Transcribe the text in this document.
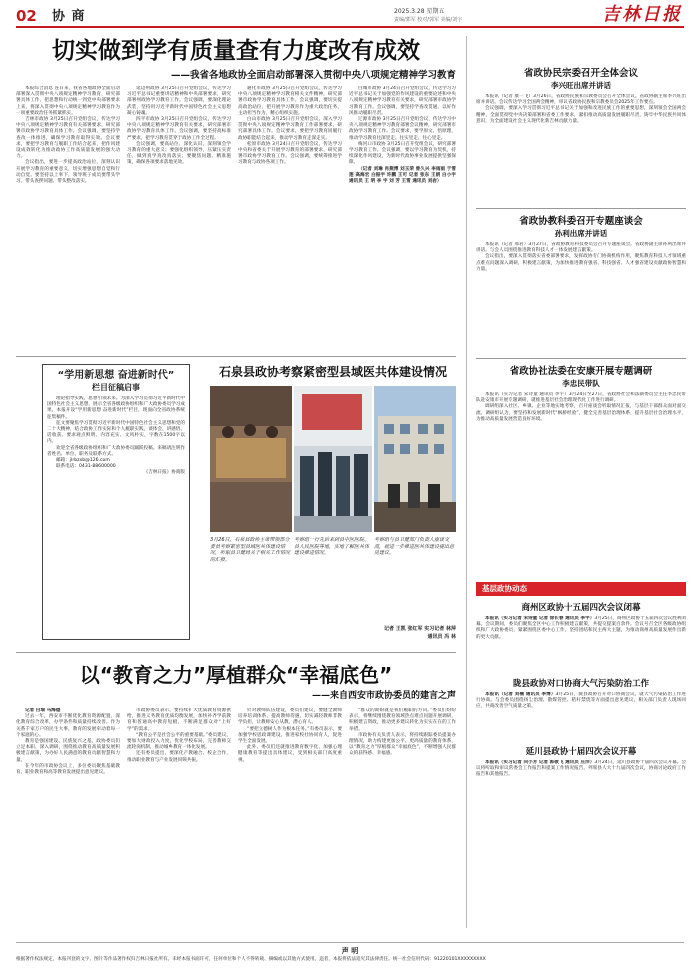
02 协 商	2025.3.28 星期五
责编/郭军 校对/郭军 美编/刘宇	吉林日报
切实做到学有质量查有力度改有成效
——我省各地政协全面启动部署深入贯彻中央八项规定精神学习教育

本报综合消息 连日来，我省各地政协全面启动部署深入贯彻中央八项规定精神学习教育，研究部署具体工作，把思想和行动统一到党中央部署要求上来，将深入贯彻中央八项规定精神学习教育作为一项重要政治任务抓紧抓实。

吉林市政协 3月25日召开党组会议，传达学习中央八项规定精神学习教育有关部署要求，研究部署市政协学习教育具体工作。会议强调，要坚持学查改一体推进，确保学习教育取得实效。会议要求，要把学习教育与履职工作结合起来，把作风建设成效转化为推动政协工作高质量发展的强大动力。

会议指出，要进一步提高政治站位，深刻认识开展学习教育的重要意义，切实增强思想自觉和行动自觉。要坚持以上率下，领导班子成员要带头学习、带头查摆问题、带头整改落实。

延边州政协 3月25日召开党组会议，传达学习习近平总书记重要讲话精神和中央部署要求，研究部署州政协学习教育工作。会议强调，要深化理论武装，坚持用习近平新时代中国特色社会主义思想凝心铸魂。

四平市政协 3月25日召开党组会议，传达学习中央八项规定精神学习教育有关要求，研究部署市政协学习教育具体工作。会议强调，要坚持高标准严要求，把学习教育贯穿于政协工作全过程。

会议强调，要高站位、深化认识，深刻领会学习教育的重大意义；要强化组织领导，压紧压实责任，做到真学真改真落实；要聚焦问题、精准施策，确保各项要求落地见效。

通化市政协 3月25日召开党组会议，传达学习中央八项规定精神学习教育相关文件精神，研究部署市政协学习教育具体工作。会议强调，要切实提高政治站位，把开展学习教育作为重大政治任务，主动担当作为，精心组织实施。

白山市政协 3月25日召开党组会议，深入学习贯彻中央八项规定精神学习教育工作部署要求，研究部署具体工作。会议要求，要把学习教育同履行政协职能结合起来，推动学习教育走深走实。

松原市政协 3月24日召开党组会议，传达学习中央和省委关于开展学习教育的部署要求，研究部署市政协学习教育工作。会议强调，要统筹推进学习教育与政协各项工作。

白城市政协 3月24日召开党组会议，传达学习习近平总书记关于加强党的作风建设的重要论述和中央八项规定精神学习教育有关要求，研究部署市政协学习教育工作。会议强调，要坚持学查改贯通，以好作风推动履职尽责。

辽源市政协 3月25日召开党组会议，传达学习中央八项规定精神学习教育部署会议精神，研究部署市政协学习教育工作。会议要求，要学原文、悟原理，推动学习教育往深里走、往实里走、往心里走。

梅河口市政协 3月25日召开党组会议，研究部署学习教育工作。会议强调，要以学习教育为契机，持续深化作风建设，为新时代政协事业发展提供坚强保障。

（记者 刘琳 肖燕博 刘玉荣 曾久兴 李雨雨 于雪莲 高海宏 白振宇 许鹏 王可 记者 张东 王朗 白小宇 通讯员 王 明 李 宇 刘 芳 王雪 通讯员 刘岩）

省政协民宗委召开全体会议
李兴旺出席并讲话

本报讯（记者 康一飞）3月26日，省政协民族和宗教委员会召开全体会议。省政协副主席李兴旺出席并讲话。会议传达学习全国两会精神，审议省政协民族和宗教委员会2025年工作要点。

会议强调，要深入学习贯彻习近平总书记关于加强和改进民族工作的重要思想，深刻领会全国两会精神，全面贯彻党中央决策部署和省委工作要求，紧扣推动高质量发展履职尽责，铸牢中华民族共同体意识，为全面建设社会主义现代化新吉林贡献力量。

省政协教科委召开专题座谈会
孙利出席并讲话

本报讯（记者 邢岩）3月27日，省政协教育科技委员会召开专题座谈会。省政协副主席孙利出席并讲话。与会人员围绕推进教育科技人才一体发展建言献策。

会议指出，要深入贯彻落实省委部署要求，发挥政协专门协商机构作用，聚焦教育科技人才领域重点难点问题深入调研，积极建言献策，为加快推进教育强省、科技强省、人才强省建设贡献政协智慧和力量。

省政协社法委在安康开展专题调研
李忠民带队

本报讯（实习记者 宋诗童 通讯员 李宇）3月24日至27日，省政协社会和法制委员会主任李忠民带队赴安康市开展专题调研，就推进基层社会治理现代化工作进行调研。

调研组深入社区、乡镇、企业等地实地考察，召开座谈会听取情况汇报，与基层干部群众面对面交流。调研组认为，要坚持和发展新时代“枫桥经验”，健全完善基层治理体系，提升基层社会治理水平，为推动高质量发展营造良好环境。

基层政协动态
商州区政协十五届四次会议闭幕

本报讯（实习记者 宋诗童 记者 徐长春 通讯员 李宇）3月25日，商州区政协十五届四次会议胜利闭幕。会议期间，委员们聚焦全区中心工作积极建言献策，共提交提案百余件。会议号召全区各级政协组织和广大政协委员，紧紧围绕区委中心工作，坚持团结和民主两大主题，为推动商州高质量发展作出新的更大贡献。

陇县政协对口协商大气污染防治工作

本报讯（记者 刘楠 通讯员 李博）3月25日，陇县政协召开对口协商会议，就大气污染防治工作进行协商。与会委员围绕扬尘治理、散煤管控、秸秆禁烧等方面提出意见建议，相关部门负责人现场回应，共商改善空气质量之策。

延川县政协十届四次会议开幕

本报讯（实习记者 向小芳 记者 郭敬飞 通讯员 庄洋）3月24日，延川县政协十届四次会议开幕。会议将听取和审议常委会工作报告和提案工作情况报告，列席县人大十九届四次会议，协商讨论政府工作报告和其他报告。

“学用新思想 奋进新时代”
栏目征稿启事

理论指导实践，思想引领未来。为深入学习贯彻习近平新时代中国特色社会主义思想，展示全省各级政协组织和广大政协委员学习成果，本报开设“学用新思想 奋进新时代”栏目，现面向全省政协系统征集稿件。

征文要聚焦学习贯彻习近平新时代中国特色社会主义思想和党的二十大精神，结合政协工作实际和个人履职实践，谈体会、讲感悟、话收获。要求观点鲜明、内容充实、文风朴实，字数在1500字以内。

欢迎全省各级政协组织和广大政协委员踊跃投稿。来稿请注明作者姓名、单位、职务及联系方式。

邮箱：jlrbzxb@126.com

联系电话：0431-88600000

《吉林日报》协商版

石泉县政协考察紧密型县域医共体建设情况
3月26日，石泉县政协主席带领部分委员考察紧密型县域医共体建设情况，听取县卫健局关于相关工作情况的汇报。
考察组一行先后来到县中医医院、县人民医院等地，实地了解医共体建设推进情况。
考察组与县卫健部门负责人座谈交流，就进一步推进医共体建设提出意见建议。
记者 王凯 张红军 实习记者 林萍
通讯员 冯 林
以“教育之力”厚植群众“幸福底色”
——来自西安市政协委员的建言之声

记者 白瑞 马海德

过去一年，西安市不断优化教育资源配置，深化教育综合改革，办学条件和质量持续改善。作为关系千家万户的民生大事，教育的发展牵动着每一个家庭的心。

教育是强国建设、民族复兴之基。政协委员们立足本职、深入调研，围绕推动教育高质量发展积极建言献策，为办好人民满意的教育贡献智慧和力量。

在今年的市政协会议上，多位委员聚焦基础教育、职业教育和高等教育发展提出意见建议。

市政协委员表示，要持续扩大优质教育资源供给，推进义务教育优质均衡发展，加快补齐学前教育和普通高中教育短板，不断满足群众对“上好学”的需求。

“教育公平是社会公平的重要基础。”委员建议，要加大财政投入力度，优化学校布局，完善教师交流轮岗机制，推动城乡教育一体化发展。

还有委员提出，要深化产教融合、校企合作，推动职业教育与产业发展同频共振。

针对教师队伍建设，委员们建议，要健全教师培养培训体系，提高教师待遇，切实减轻教师非教学负担，让教师安心从教、潜心育人。

“要把立德树人作为根本任务。”有委员表示，要加强学校思政课建设，推进家校社协同育人，促进学生全面发展。

此外，委员们还就推进教育数字化、加强心理健康教育等提出具体建议，受到相关部门高度重视。

“群众的期盼就是我们履职的方向。”委员们纷纷表示，将继续围绕教育领域热点难点问题开展调研，积极建言资政，推动更多建议转化为实实在在的工作举措。

市政协有关负责人表示，将持续跟踪委员提案办理情况，助力构建更加公平、更高质量的教育体系，以“教育之力”厚植群众“幸福底色”，不断增强人民群众的获得感、幸福感。

声 明
根据著作权法规定，本报刊登的文字、图片等作品著作权归吉林日报社所有。未经本报书面许可，任何单位和个人不得转载、摘编或以其他方式使用。违者，本报将依法追究其法律责任。统一社会信用代码：91220101XXXXXXXXX
